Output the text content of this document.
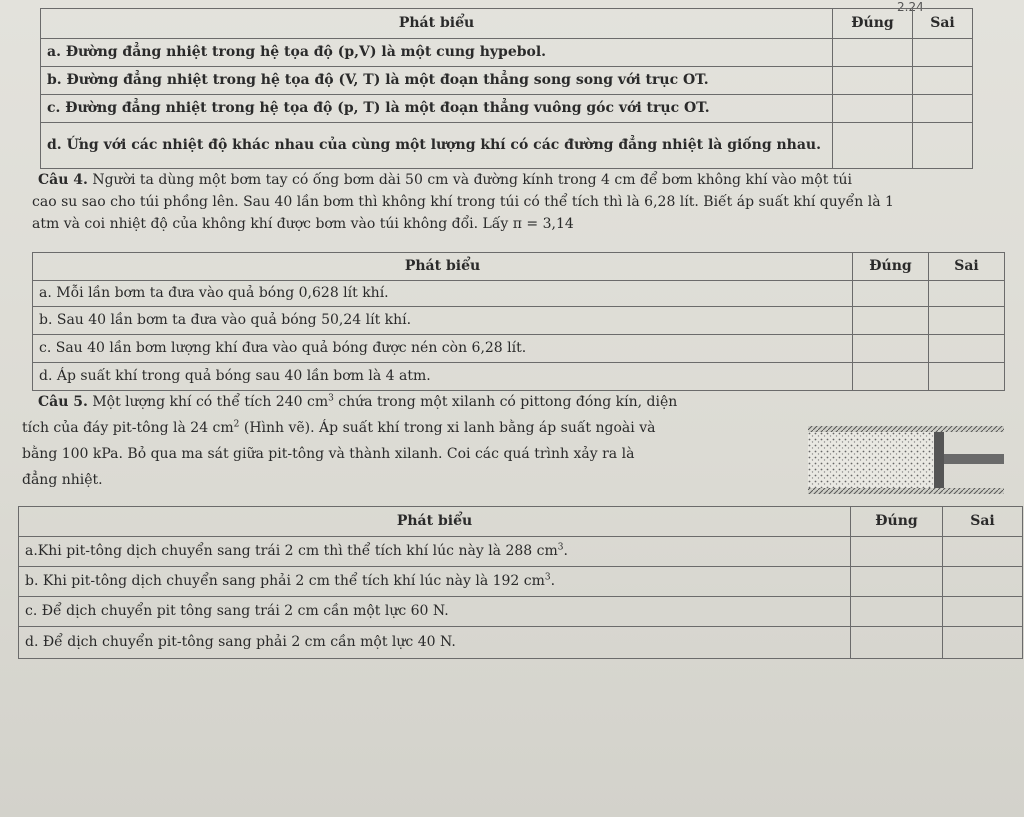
2.24
Phát biểu	Đúng	Sai
a. Đường đẳng nhiệt trong hệ tọa độ (p,V) là một cung hypebol.		
b. Đường đẳng nhiệt trong hệ tọa độ (V, T) là một đoạn thẳng song song với trục OT.		
c. Đường đẳng nhiệt trong hệ tọa độ (p, T) là một đoạn thẳng vuông góc với trục OT.		
d. Ứng với các nhiệt độ khác nhau của cùng một lượng khí có các đường đẳng nhiệt là giống nhau.		
Câu 4. Người ta dùng một bơm tay có ống bơm dài 50 cm và đường kính trong 4 cm để bơm không khí vào một túi
cao su sao cho túi phồng lên. Sau 40 lần bơm thì không khí trong túi có thể tích thì là 6,28 lít. Biết áp suất khí quyển là 1
atm và coi nhiệt độ của không khí được bơm vào túi không đổi. Lấy π = 3,14
Phát biểu	Đúng	Sai
a. Mỗi lần bơm ta đưa vào quả bóng 0,628 lít khí.		
b. Sau 40 lần bơm ta đưa vào quả bóng 50,24 lít khí.		
c. Sau 40 lần bơm lượng khí đưa vào quả bóng được nén còn 6,28 lít.		
d. Áp suất khí trong quả bóng sau 40 lần bơm là 4 atm.		
Câu 5. Một lượng khí có thể tích 240 $cm^3$ chứa trong một xilanh có pittong đóng kín, diện
tích của đáy pit-tông là 24 $cm^2$ (Hình vẽ). Áp suất khí trong xi lanh bằng áp suất ngoài và
bằng 100 kPa. Bỏ qua ma sát giữa pit-tông và thành xilanh. Coi các quá trình xảy ra là
đẳng nhiệt.
Phát biểu	Đúng	Sai
a.Khi pit-tông dịch chuyển sang trái 2 cm thì thể tích khí lúc này là 288 $cm^3$.		
b. Khi pit-tông dịch chuyển sang phải 2 cm thể tích khí lúc này là 192 $cm^3$.		
c. Để dịch chuyển pit tông sang trái 2 cm cần một lực 60 N.		
d. Để dịch chuyển pit-tông sang phải 2 cm cần một lực 40 N.		
